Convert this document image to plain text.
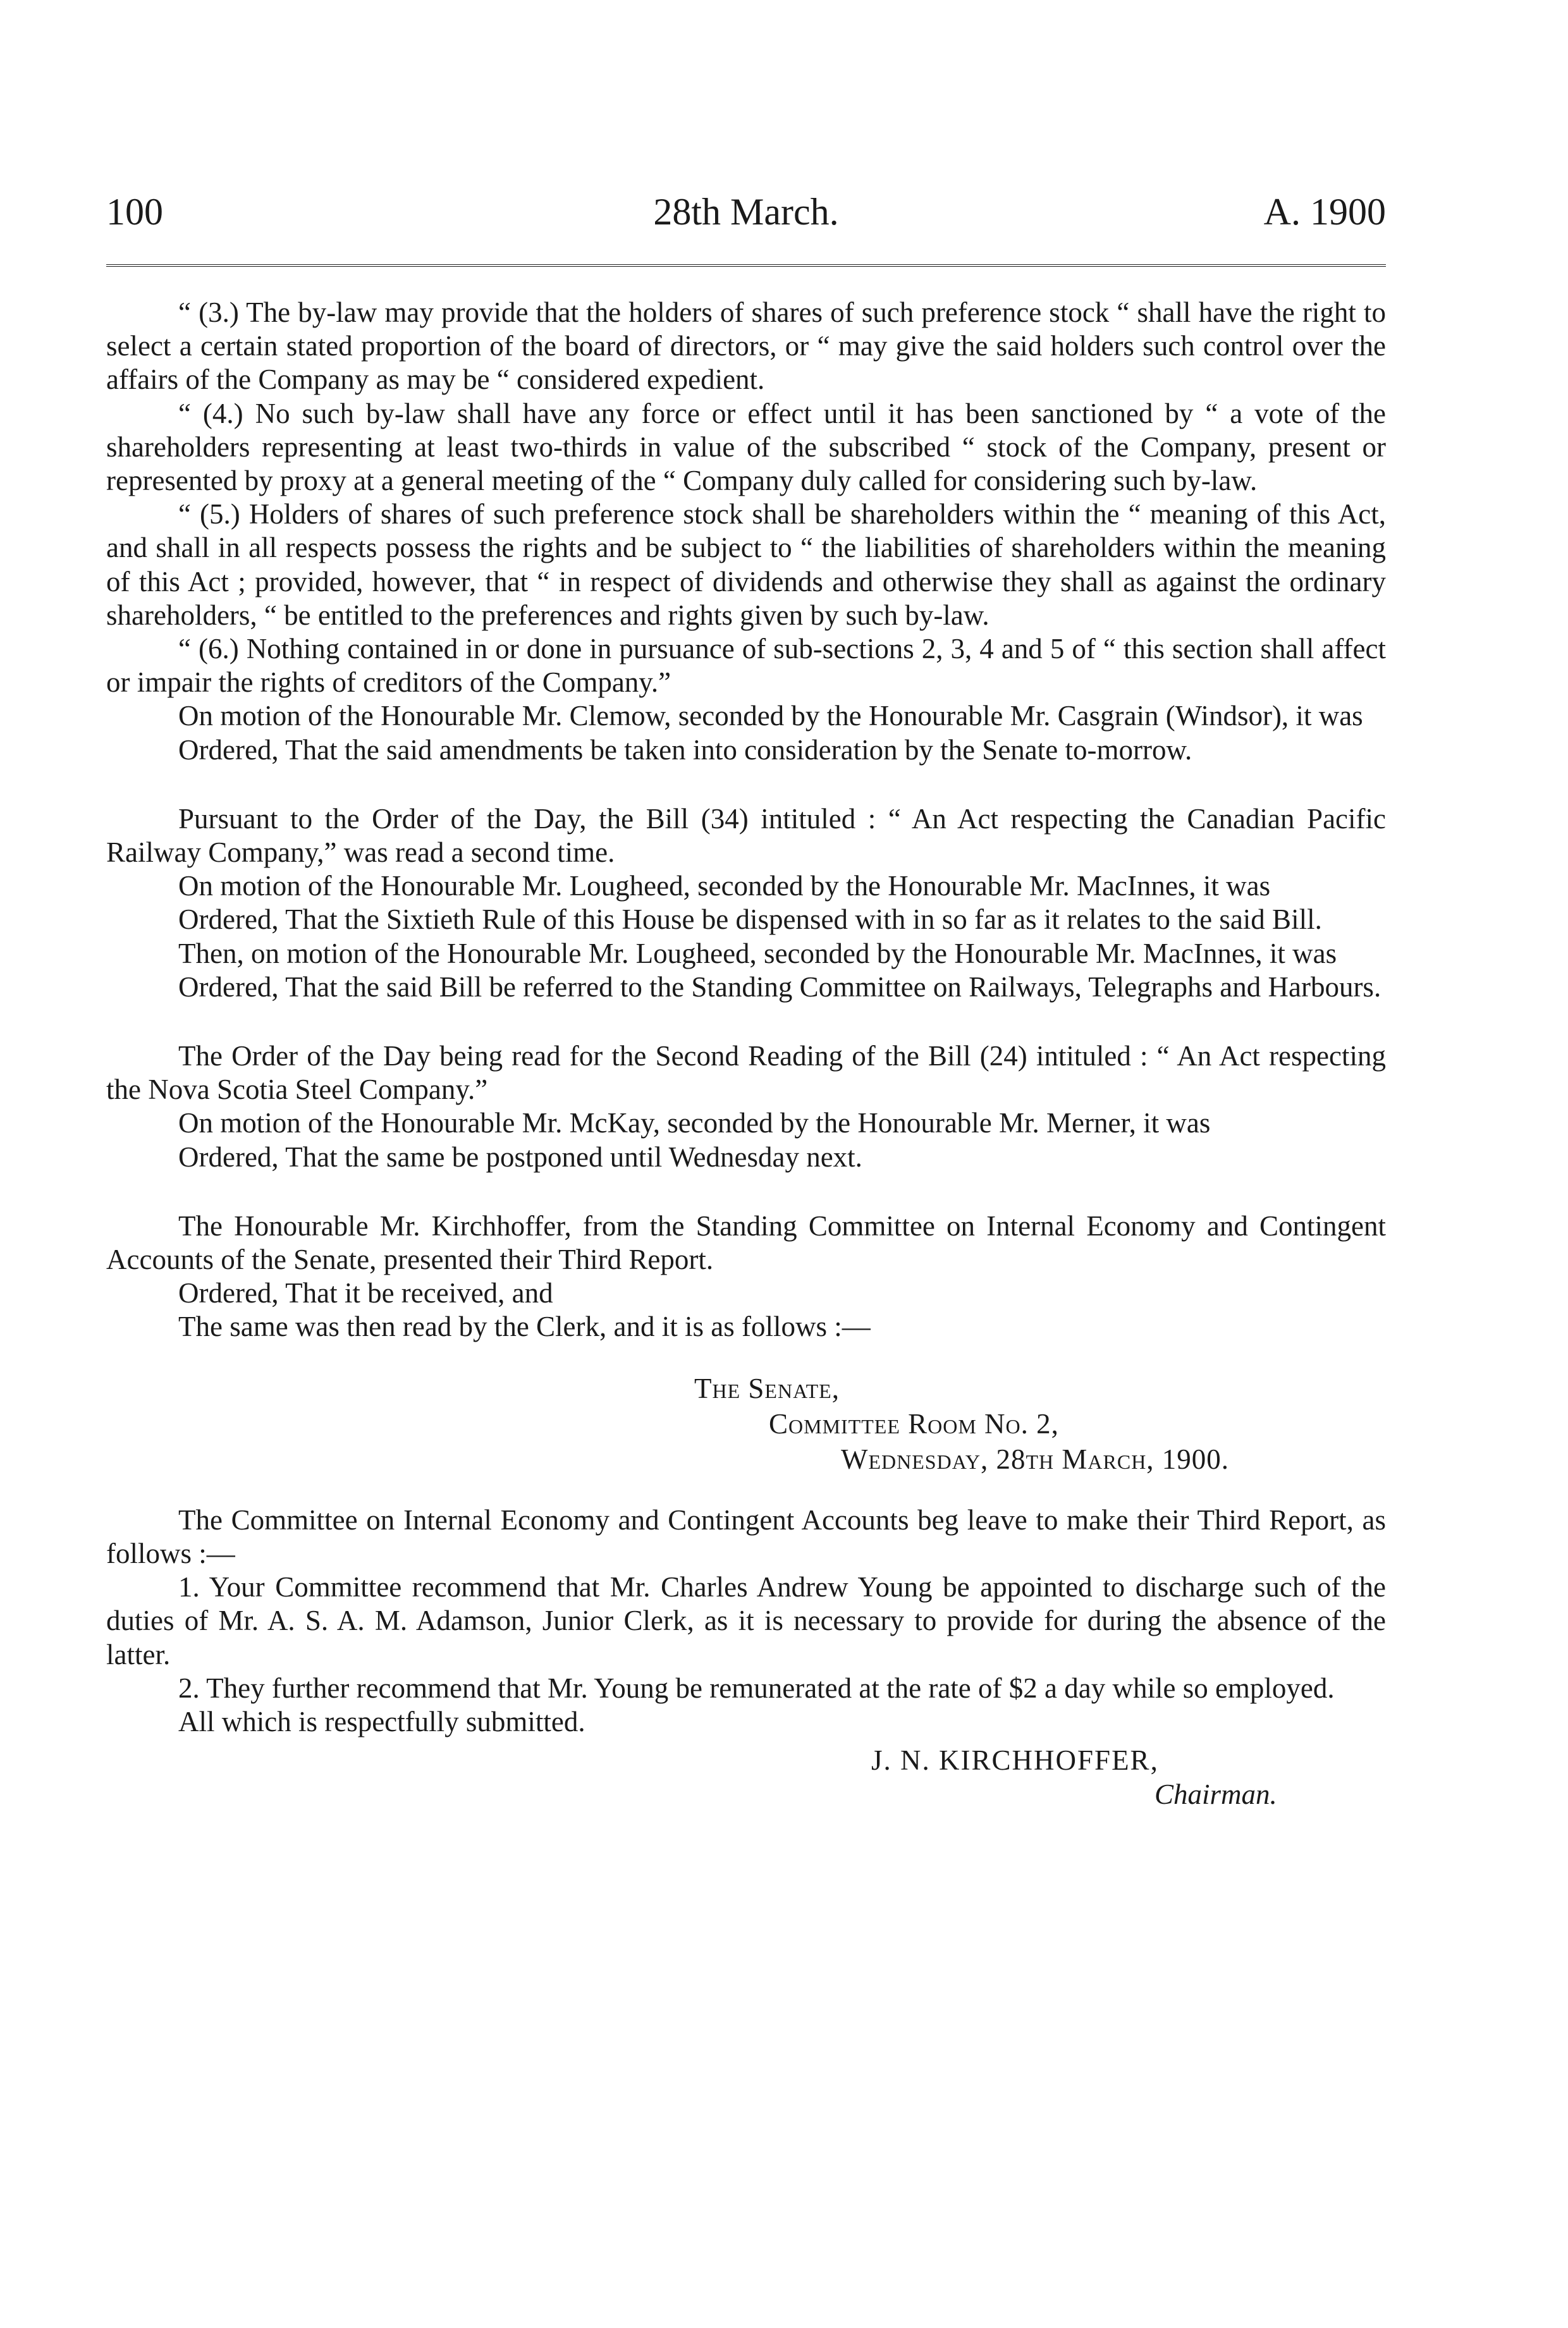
100	28th March.	A. 1900

“ (3.) The by-law may provide that the holders of shares of such preference stock “ shall have the right to select a certain stated proportion of the board of directors, or “ may give the said holders such control over the affairs of the Company as may be “ considered expedient.

“ (4.) No such by-law shall have any force or effect until it has been sanctioned by “ a vote of the shareholders representing at least two-thirds in value of the subscribed “ stock of the Company, present or represented by proxy at a general meeting of the “ Company duly called for considering such by-law.

“ (5.) Holders of shares of such preference stock shall be shareholders within the “ meaning of this Act, and shall in all respects possess the rights and be subject to “ the liabilities of shareholders within the meaning of this Act ; provided, however, that “ in respect of dividends and otherwise they shall as against the ordinary shareholders, “ be entitled to the preferences and rights given by such by-law.

“ (6.) Nothing contained in or done in pursuance of sub-sections 2, 3, 4 and 5 of “ this section shall affect or impair the rights of creditors of the Company.”

On motion of the Honourable Mr. Clemow, seconded by the Honourable Mr. Casgrain (Windsor), it was

Ordered, That the said amendments be taken into consideration by the Senate to-morrow.

Pursuant to the Order of the Day, the Bill (34) intituled : “ An Act respecting the Canadian Pacific Railway Company,” was read a second time.

On motion of the Honourable Mr. Lougheed, seconded by the Honourable Mr. MacInnes, it was

Ordered, That the Sixtieth Rule of this House be dispensed with in so far as it relates to the said Bill.

Then, on motion of the Honourable Mr. Lougheed, seconded by the Honourable Mr. MacInnes, it was

Ordered, That the said Bill be referred to the Standing Committee on Railways, Telegraphs and Harbours.

The Order of the Day being read for the Second Reading of the Bill (24) intituled : “ An Act respecting the Nova Scotia Steel Company.”

On motion of the Honourable Mr. McKay, seconded by the Honourable Mr. Merner, it was

Ordered, That the same be postponed until Wednesday next.

The Honourable Mr. Kirchhoffer, from the Standing Committee on Internal Economy and Contingent Accounts of the Senate, presented their Third Report.

Ordered, That it be received, and

The same was then read by the Clerk, and it is as follows :—

The Senate,
Committee Room No. 2,
Wednesday, 28th March, 1900.

The Committee on Internal Economy and Contingent Accounts beg leave to make their Third Report, as follows :—

1. Your Committee recommend that Mr. Charles Andrew Young be appointed to discharge such of the duties of Mr. A. S. A. M. Adamson, Junior Clerk, as it is necessary to provide for during the absence of the latter.

2. They further recommend that Mr. Young be remunerated at the rate of $2 a day while so employed.

All which is respectfully submitted.

J. N. KIRCHHOFFER,
Chairman.
